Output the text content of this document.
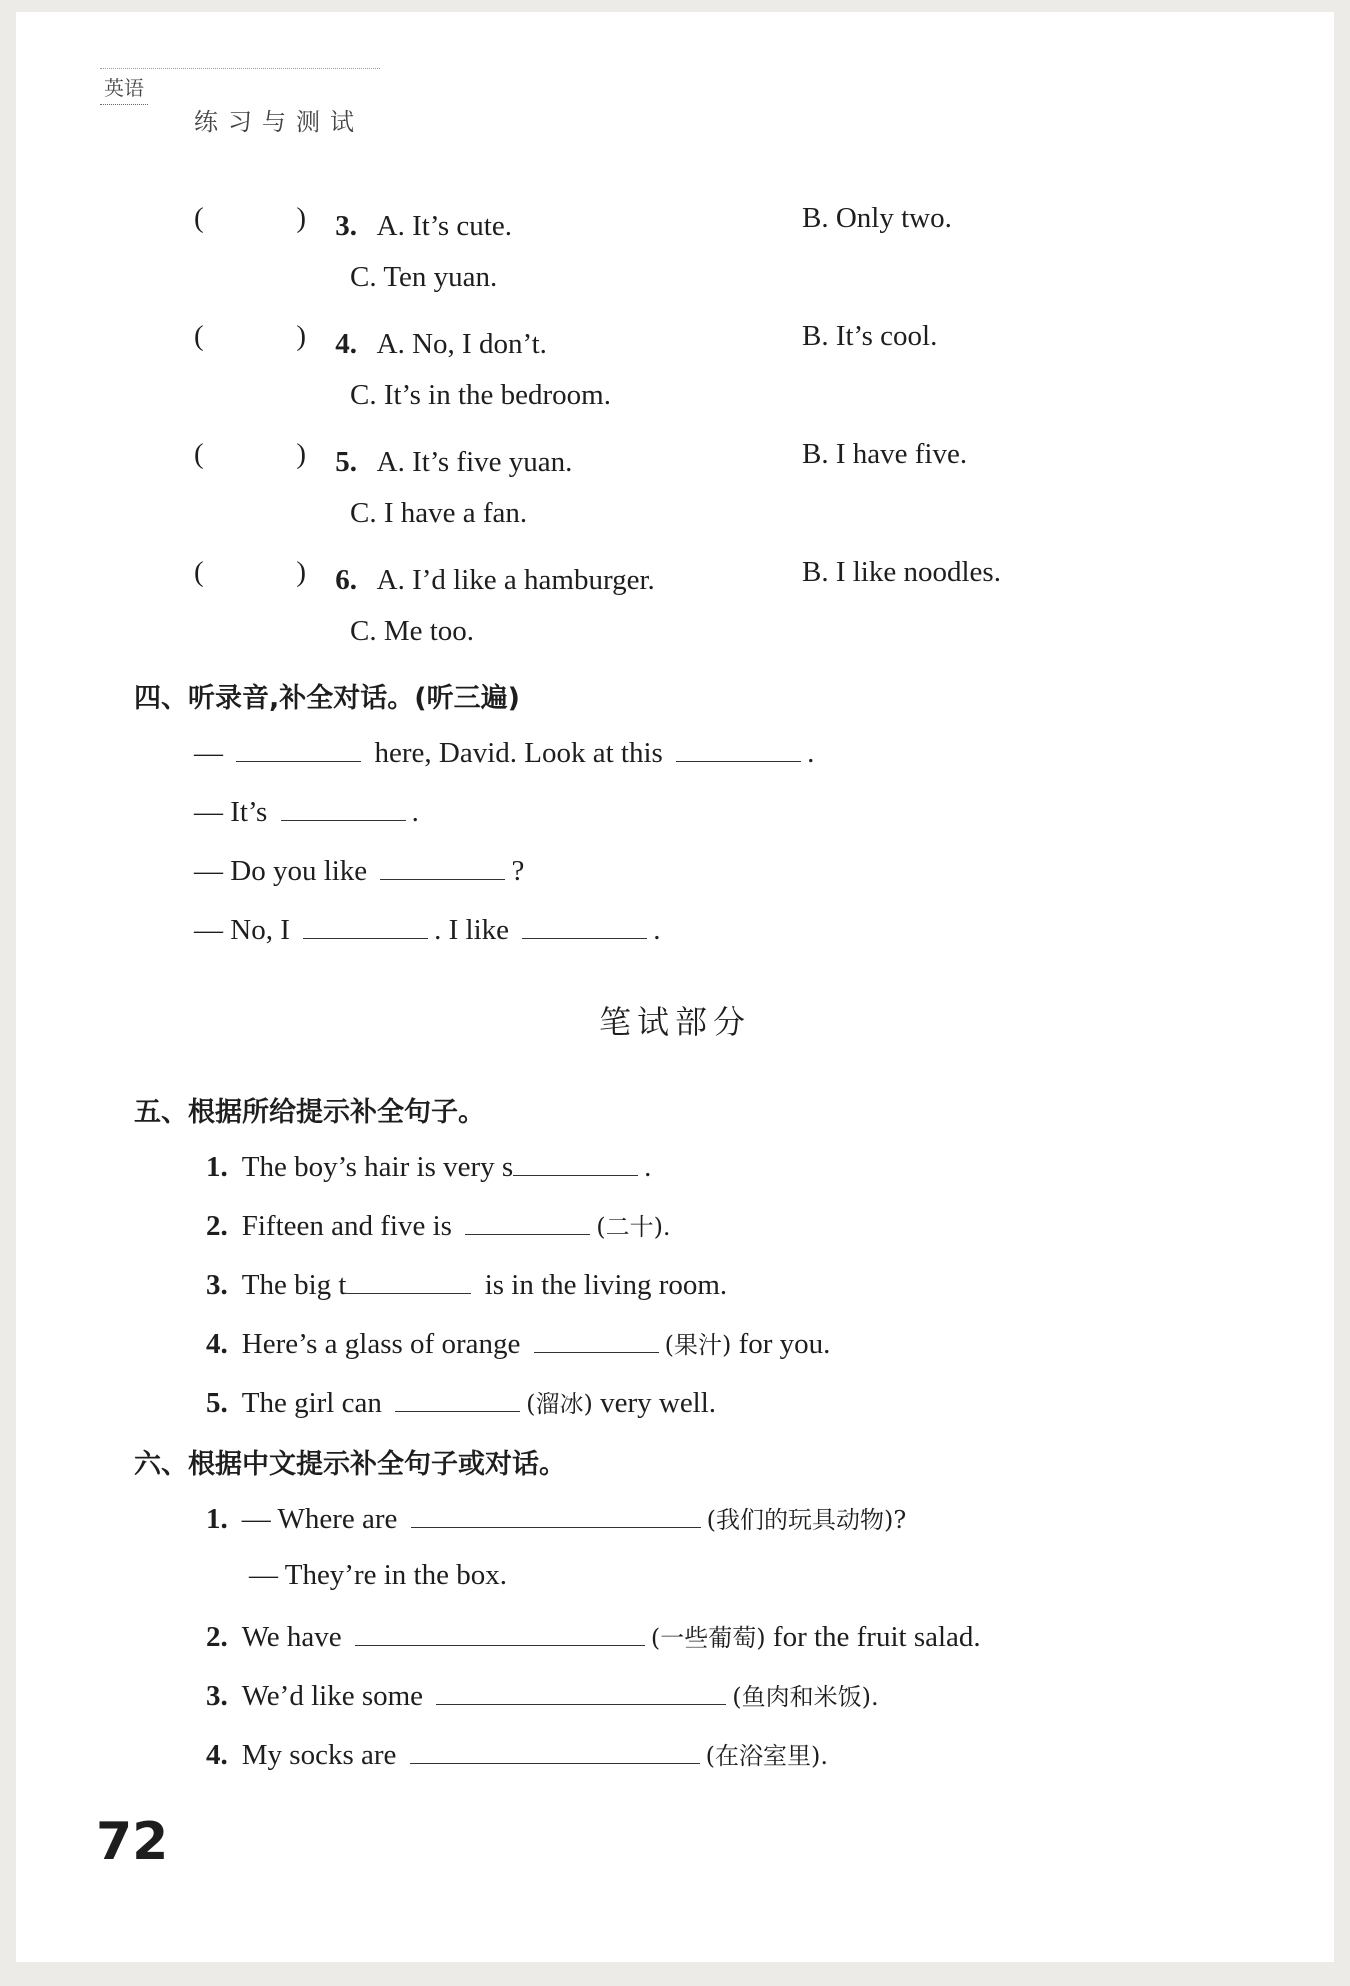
英语
练习与测试
(	) 3. A. It’s cute.	B. Only two.
C. Ten yuan.
(	) 4. A. No, I don’t.	B. It’s cool.
C. It’s in the bedroom.
(	) 5. A. It’s five yuan.	B. I have five.
C. I have a fan.
(	) 6. A. I’d like a hamburger.	B. I like noodles.
C. Me too.
四、听录音,补全对话。(听三遍)
—	here, David. Look at this	.
— It’s	.
— Do you like	?
— No, I	. I like	.
笔试部分
五、根据所给提示补全句子。
1. The boy’s hair is very s	.
2. Fifteen and five is	(二十).
3. The big t	is in the living room.
4. Here’s a glass of orange	(果汁) for you.
5. The girl can	(溜冰) very well.
六、根据中文提示补全句子或对话。
1. — Where are	(我们的玩具动物)?
— They’re in the box.
2. We have	(一些葡萄) for the fruit salad.
3. We’d like some	(鱼肉和米饭).
4. My socks are	(在浴室里).
72
